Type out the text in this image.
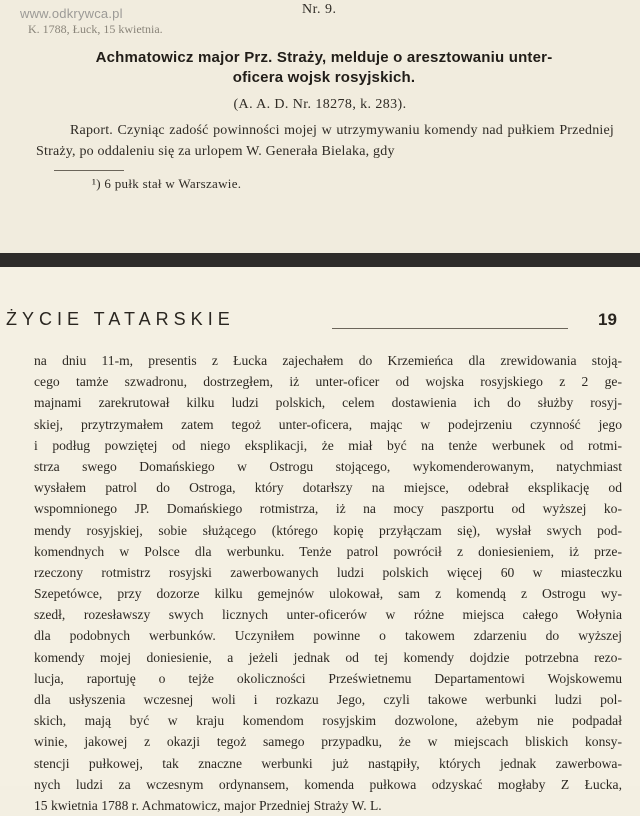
www.odkrywca.pl	Nr. 9.
K. 1788, Łuck, 15 kwietnia.
Achmatowicz major Prz. Straży, melduje o aresztowaniu unter-
oficera wojsk rosyjskich.
(A. A. D. Nr. 18278, k. 283).
Raport. Czyniąc zadość powinności mojej w utrzymywaniu komendy nad pułkiem Przedniej Straży, po oddaleniu się za urlopem W. Generała Bielaka, gdy
¹) 6 pułk stał w Warszawie.
ŻYCIE TATARSKIE	19
na dniu 11-m, presentis z Łucka zajechałem do Krzemieńca dla zrewidowania stoją-
cego tamże szwadronu, dostrzegłem, iż unter-oficer od wojska rosyjskiego z 2 ge-
majnami zarekrutował kilku ludzi polskich, celem dostawienia ich do służby rosyj-
skiej, przytrzymałem zatem tegoż unter-oficera, mając w podejrzeniu czynność jego
i podług powziętej od niego eksplikacji, że miał być na tenże werbunek od rotmi-
strza swego Domańskiego w Ostrogu stojącego, wykomenderowanym, natychmiast
wysłałem patrol do Ostroga, który dotarłszy na miejsce, odebrał eksplikację od
wspomnionego JP. Domańskiego rotmistrza, iż na mocy paszportu od wyższej ko-
mendy rosyjskiej, sobie służącego (którego kopię przyłączam się), wysłał swych pod-
komendnych w Polsce dla werbunku. Tenże patrol powrócił z doniesieniem, iż prze-
rzeczony rotmistrz rosyjski zawerbowanych ludzi polskich więcej 60 w miasteczku
Szepetówce, przy dozorze kilku gemejnów ulokował, sam z komendą z Ostrogu wy-
szedł, rozesławszy swych licznych unter-oficerów w różne miejsca całego Wołynia
dla podobnych werbunków. Uczyniłem powinne o takowem zdarzeniu do wyższej
komendy mojej doniesienie, a jeżeli jednak od tej komendy dojdzie potrzebna rezo-
lucja, raportuję o tejże okoliczności Prześwietnemu Departamentowi Wojskowemu
dla usłyszenia wczesnej woli i rozkazu Jego, czyli takowe werbunki ludzi pol-
skich, mają być w kraju komendom rosyjskim dozwolone, ażebym nie podpadał
winie, jakowej z okazji tegoż samego przypadku, że w miejscach bliskich konsy-
stencji pułkowej, tak znaczne werbunki już nastąpiły, których jednak zawerbowa-
nych ludzi za wczesnym ordynansem, komenda pułkowa odzyskać mogłaby Z Łucka,
15 kwietnia 1788 r. Achmatowicz, major Przedniej Straży W. L.
